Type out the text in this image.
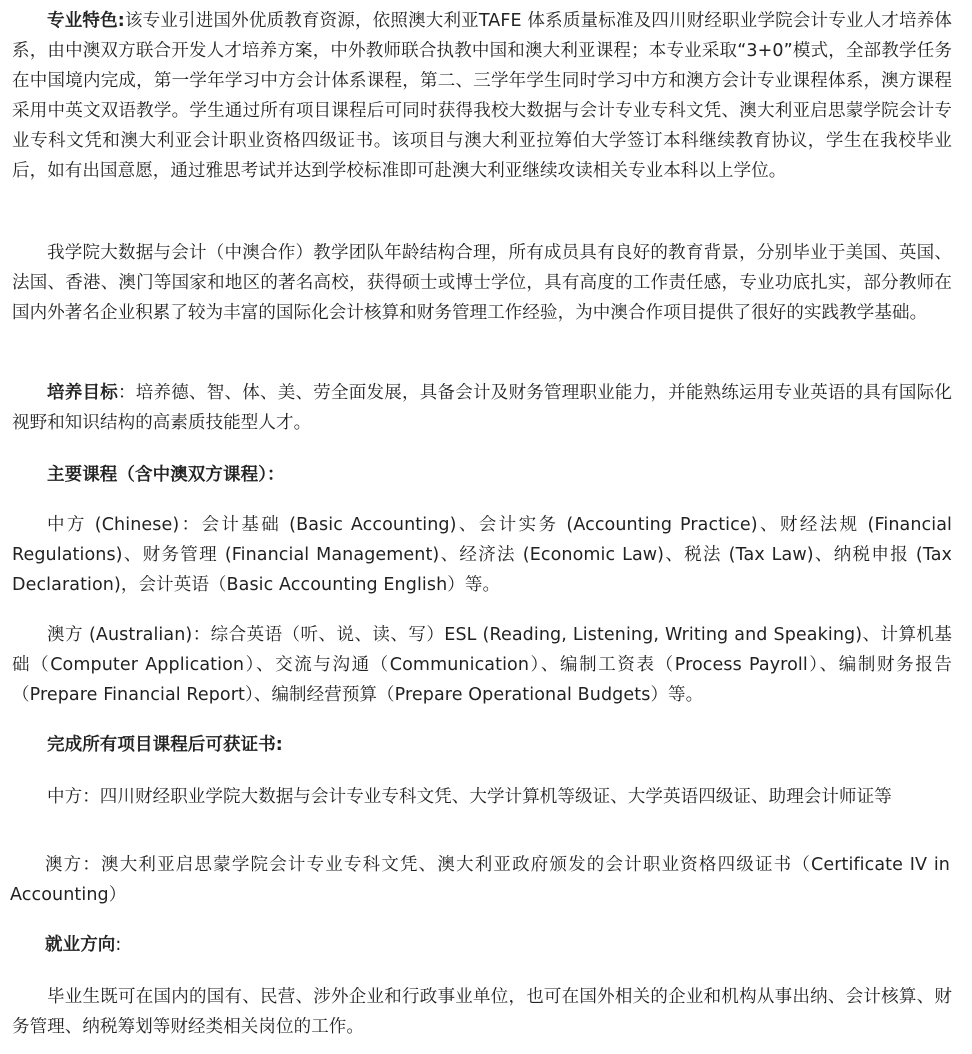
专业特色:该专业引进国外优质教育资源，依照澳大利亚TAFE 体系质量标准及四川财经职业学院会计专业人才培养体系，由中澳双方联合开发人才培养方案，中外教师联合执教中国和澳大利亚课程；本专业采取“3+0”模式，全部教学任务在中国境内完成，第一学年学习中方会计体系课程，第二、三学年学生同时学习中方和澳方会计专业课程体系，澳方课程采用中英文双语教学。学生通过所有项目课程后可同时获得我校大数据与会计专业专科文凭、澳大利亚启思蒙学院会计专业专科文凭和澳大利亚会计职业资格四级证书。该项目与澳大利亚拉筹伯大学签订本科继续教育协议，学生在我校毕业后，如有出国意愿，通过雅思考试并达到学校标准即可赴澳大利亚继续攻读相关专业本科以上学位。

我学院大数据与会计（中澳合作）教学团队年龄结构合理，所有成员具有良好的教育背景，分别毕业于美国、英国、法国、香港、澳门等国家和地区的著名高校，获得硕士或博士学位，具有高度的工作责任感，专业功底扎实，部分教师在国内外著名企业积累了较为丰富的国际化会计核算和财务管理工作经验，为中澳合作项目提供了很好的实践教学基础。

培养目标：培养德、智、体、美、劳全面发展，具备会计及财务管理职业能力，并能熟练运用专业英语的具有国际化视野和知识结构的高素质技能型人才。

主要课程（含中澳双方课程）：

中方 (Chinese)：会计基础 (Basic Accounting)、会计实务 (Accounting Practice)、财经法规 (Financial Regulations)、财务管理 (Financial Management)、经济法 (Economic Law)、税法 (Tax Law)、纳税申报 (Tax Declaration)，会计英语（Basic Accounting English）等。

澳方 (Australian)：综合英语（听、说、读、写）ESL (Reading, Listening, Writing and Speaking)、计算机基础（Computer Application）、交流与沟通（Communication）、编制工资表（Process Payroll）、编制财务报告（Prepare Financial Report）、编制经营预算（Prepare Operational Budgets）等。

完成所有项目课程后可获证书:

中方：四川财经职业学院大数据与会计专业专科文凭、大学计算机等级证、大学英语四级证、助理会计师证等

澳方：澳大利亚启思蒙学院会计专业专科文凭、澳大利亚政府颁发的会计职业资格四级证书（Certificate IV in Accounting）

就业方向:

毕业生既可在国内的国有、民营、涉外企业和行政事业单位，也可在国外相关的企业和机构从事出纳、会计核算、财务管理、纳税筹划等财经类相关岗位的工作。
